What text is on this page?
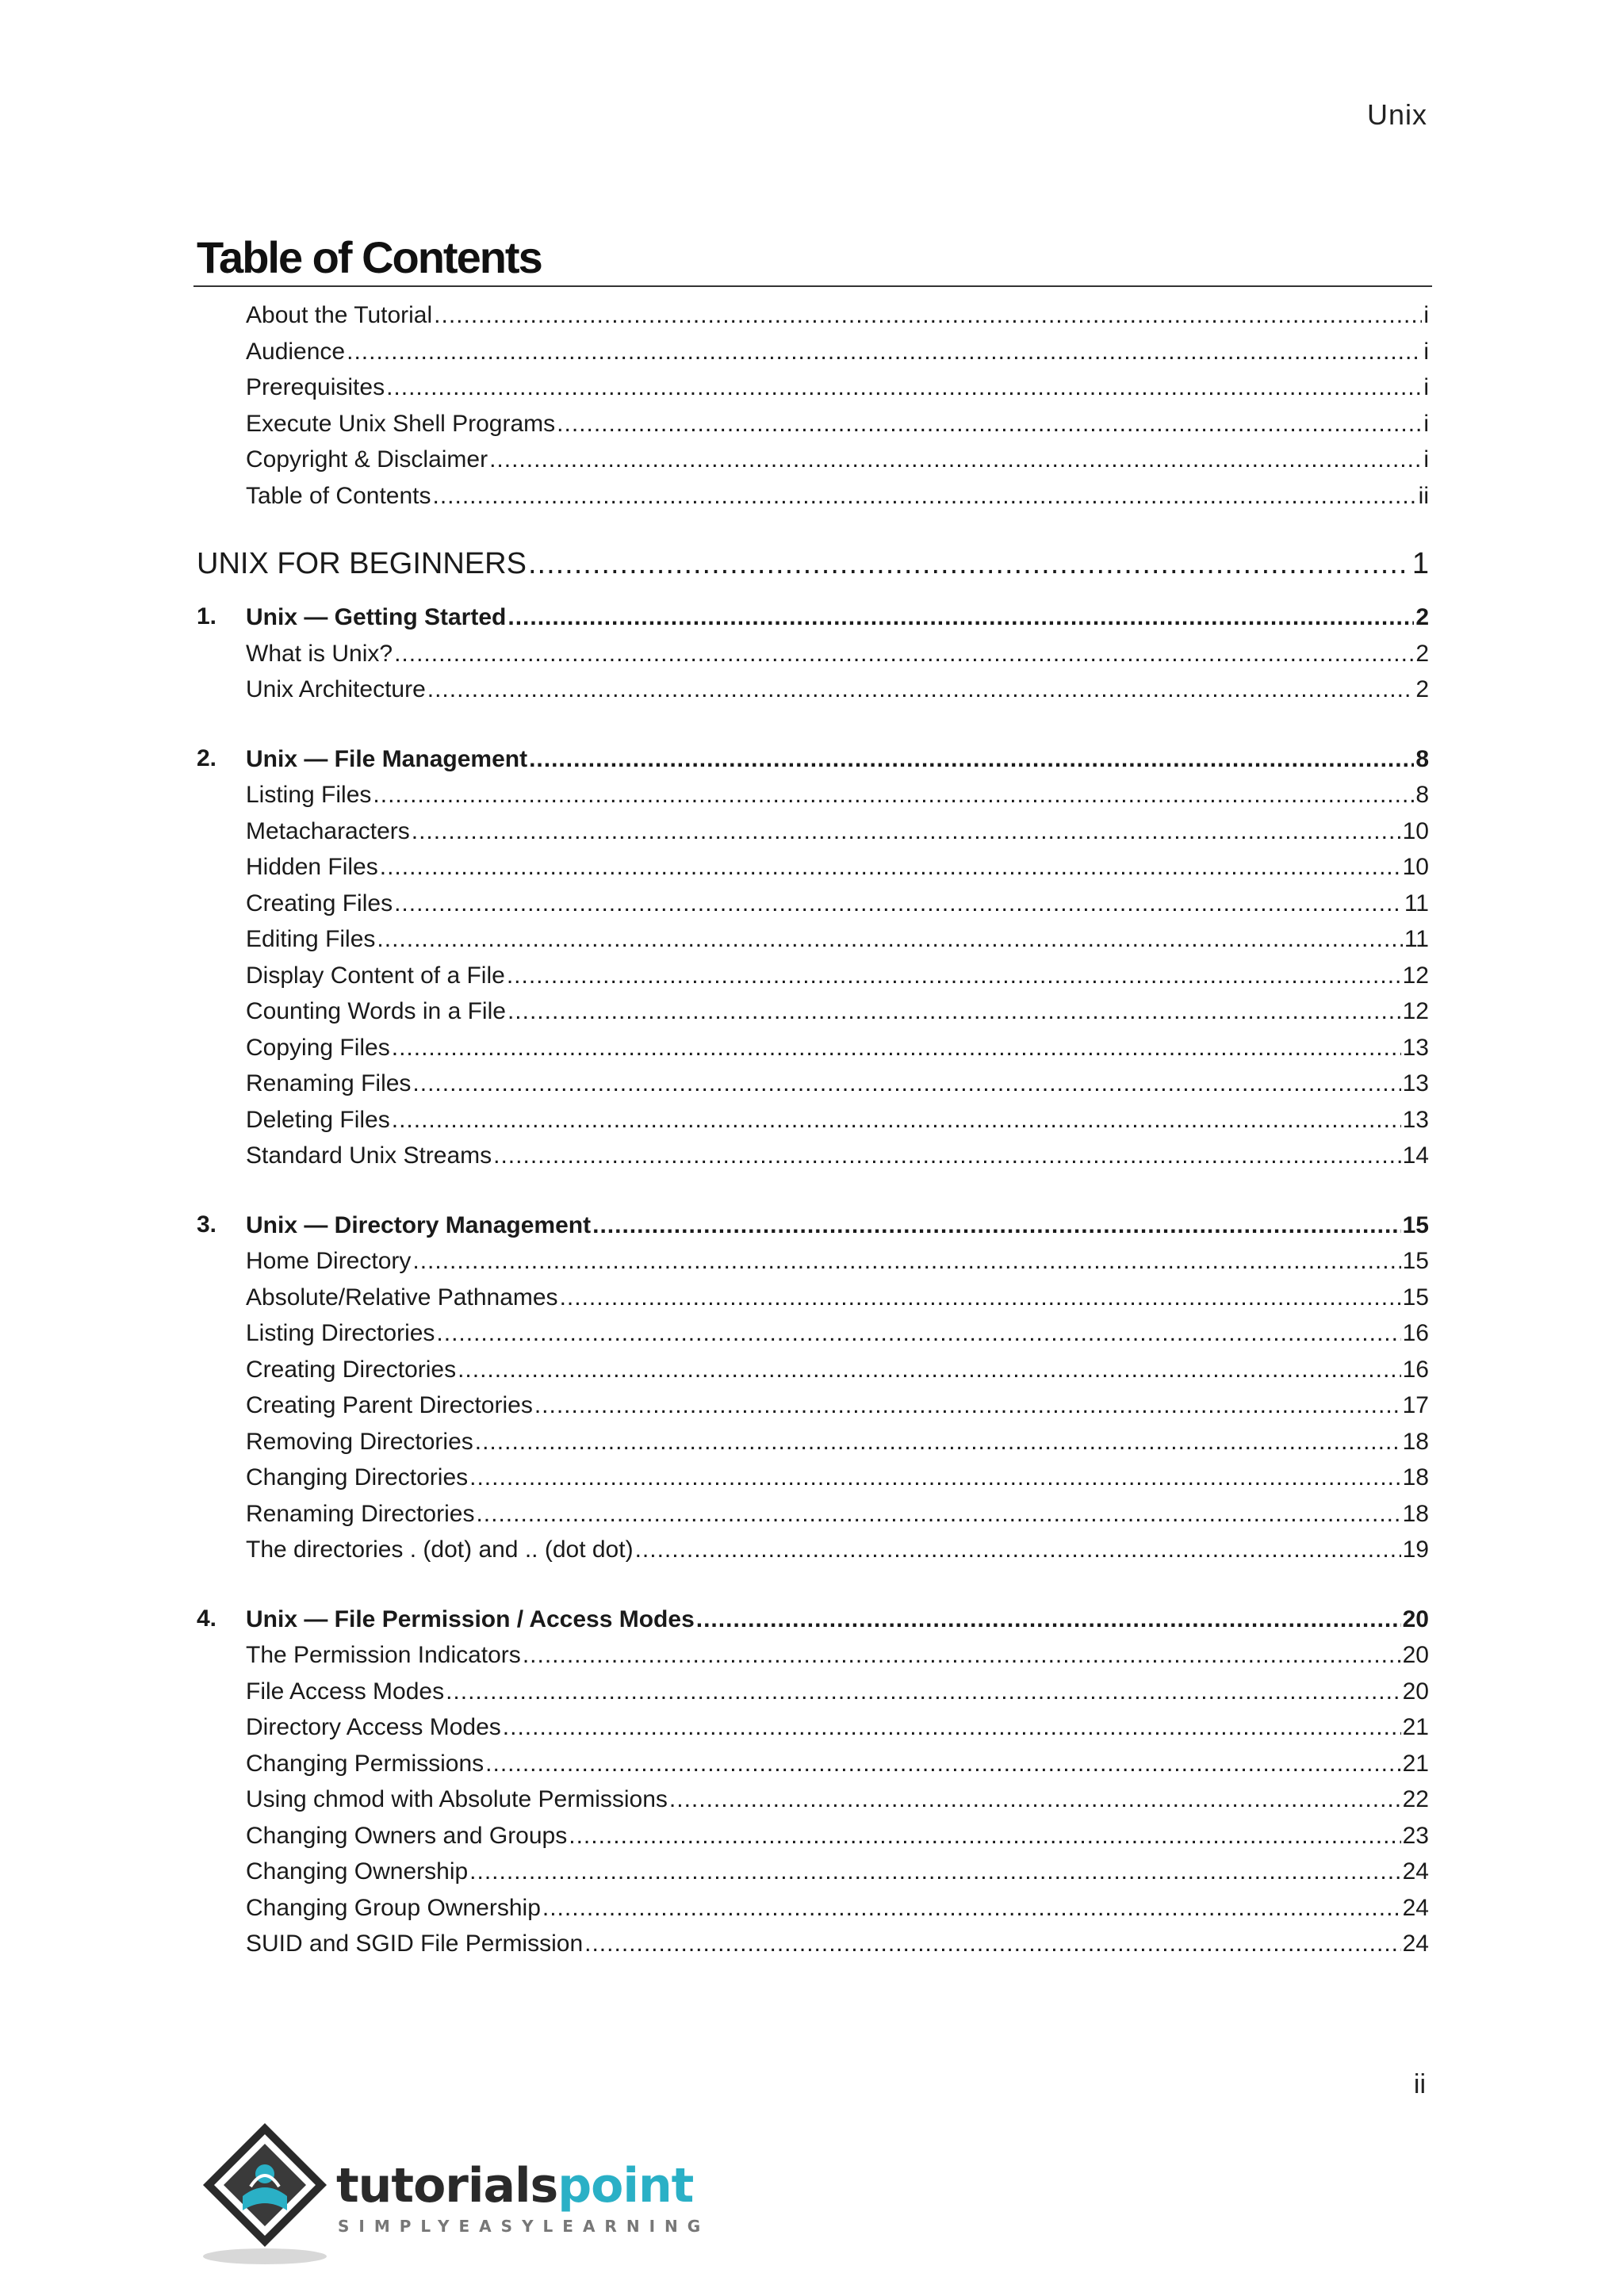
Unix
Table of Contents
About the Tutorial .....	i
Audience .....	i
Prerequisites .....	i
Execute Unix Shell Programs .....	i
Copyright & Disclaimer .....	i
Table of Contents .....	ii
UNIX FOR BEGINNERS .....	1
1. Unix — Getting Started .....	2
What is Unix? .....	2
Unix Architecture .....	2
2. Unix — File Management .....	8
Listing Files .....	8
Metacharacters .....	10
Hidden Files .....	10
Creating Files .....	11
Editing Files .....	11
Display Content of a File .....	12
Counting Words in a File .....	12
Copying Files .....	13
Renaming Files .....	13
Deleting Files .....	13
Standard Unix Streams .....	14
3. Unix — Directory Management .....	15
Home Directory .....	15
Absolute/Relative Pathnames .....	15
Listing Directories .....	16
Creating Directories .....	16
Creating Parent Directories .....	17
Removing Directories .....	18
Changing Directories .....	18
Renaming Directories .....	18
The directories . (dot) and .. (dot dot) .....	19
4. Unix — File Permission / Access Modes .....	20
The Permission Indicators .....	20
File Access Modes .....	20
Directory Access Modes .....	21
Changing Permissions .....	21
Using chmod with Absolute Permissions .....	22
Changing Owners and Groups .....	23
Changing Ownership .....	24
Changing Group Ownership .....	24
SUID and SGID File Permission .....	24
ii
tutorialspoint
SIMPLYEASYLEARNING
